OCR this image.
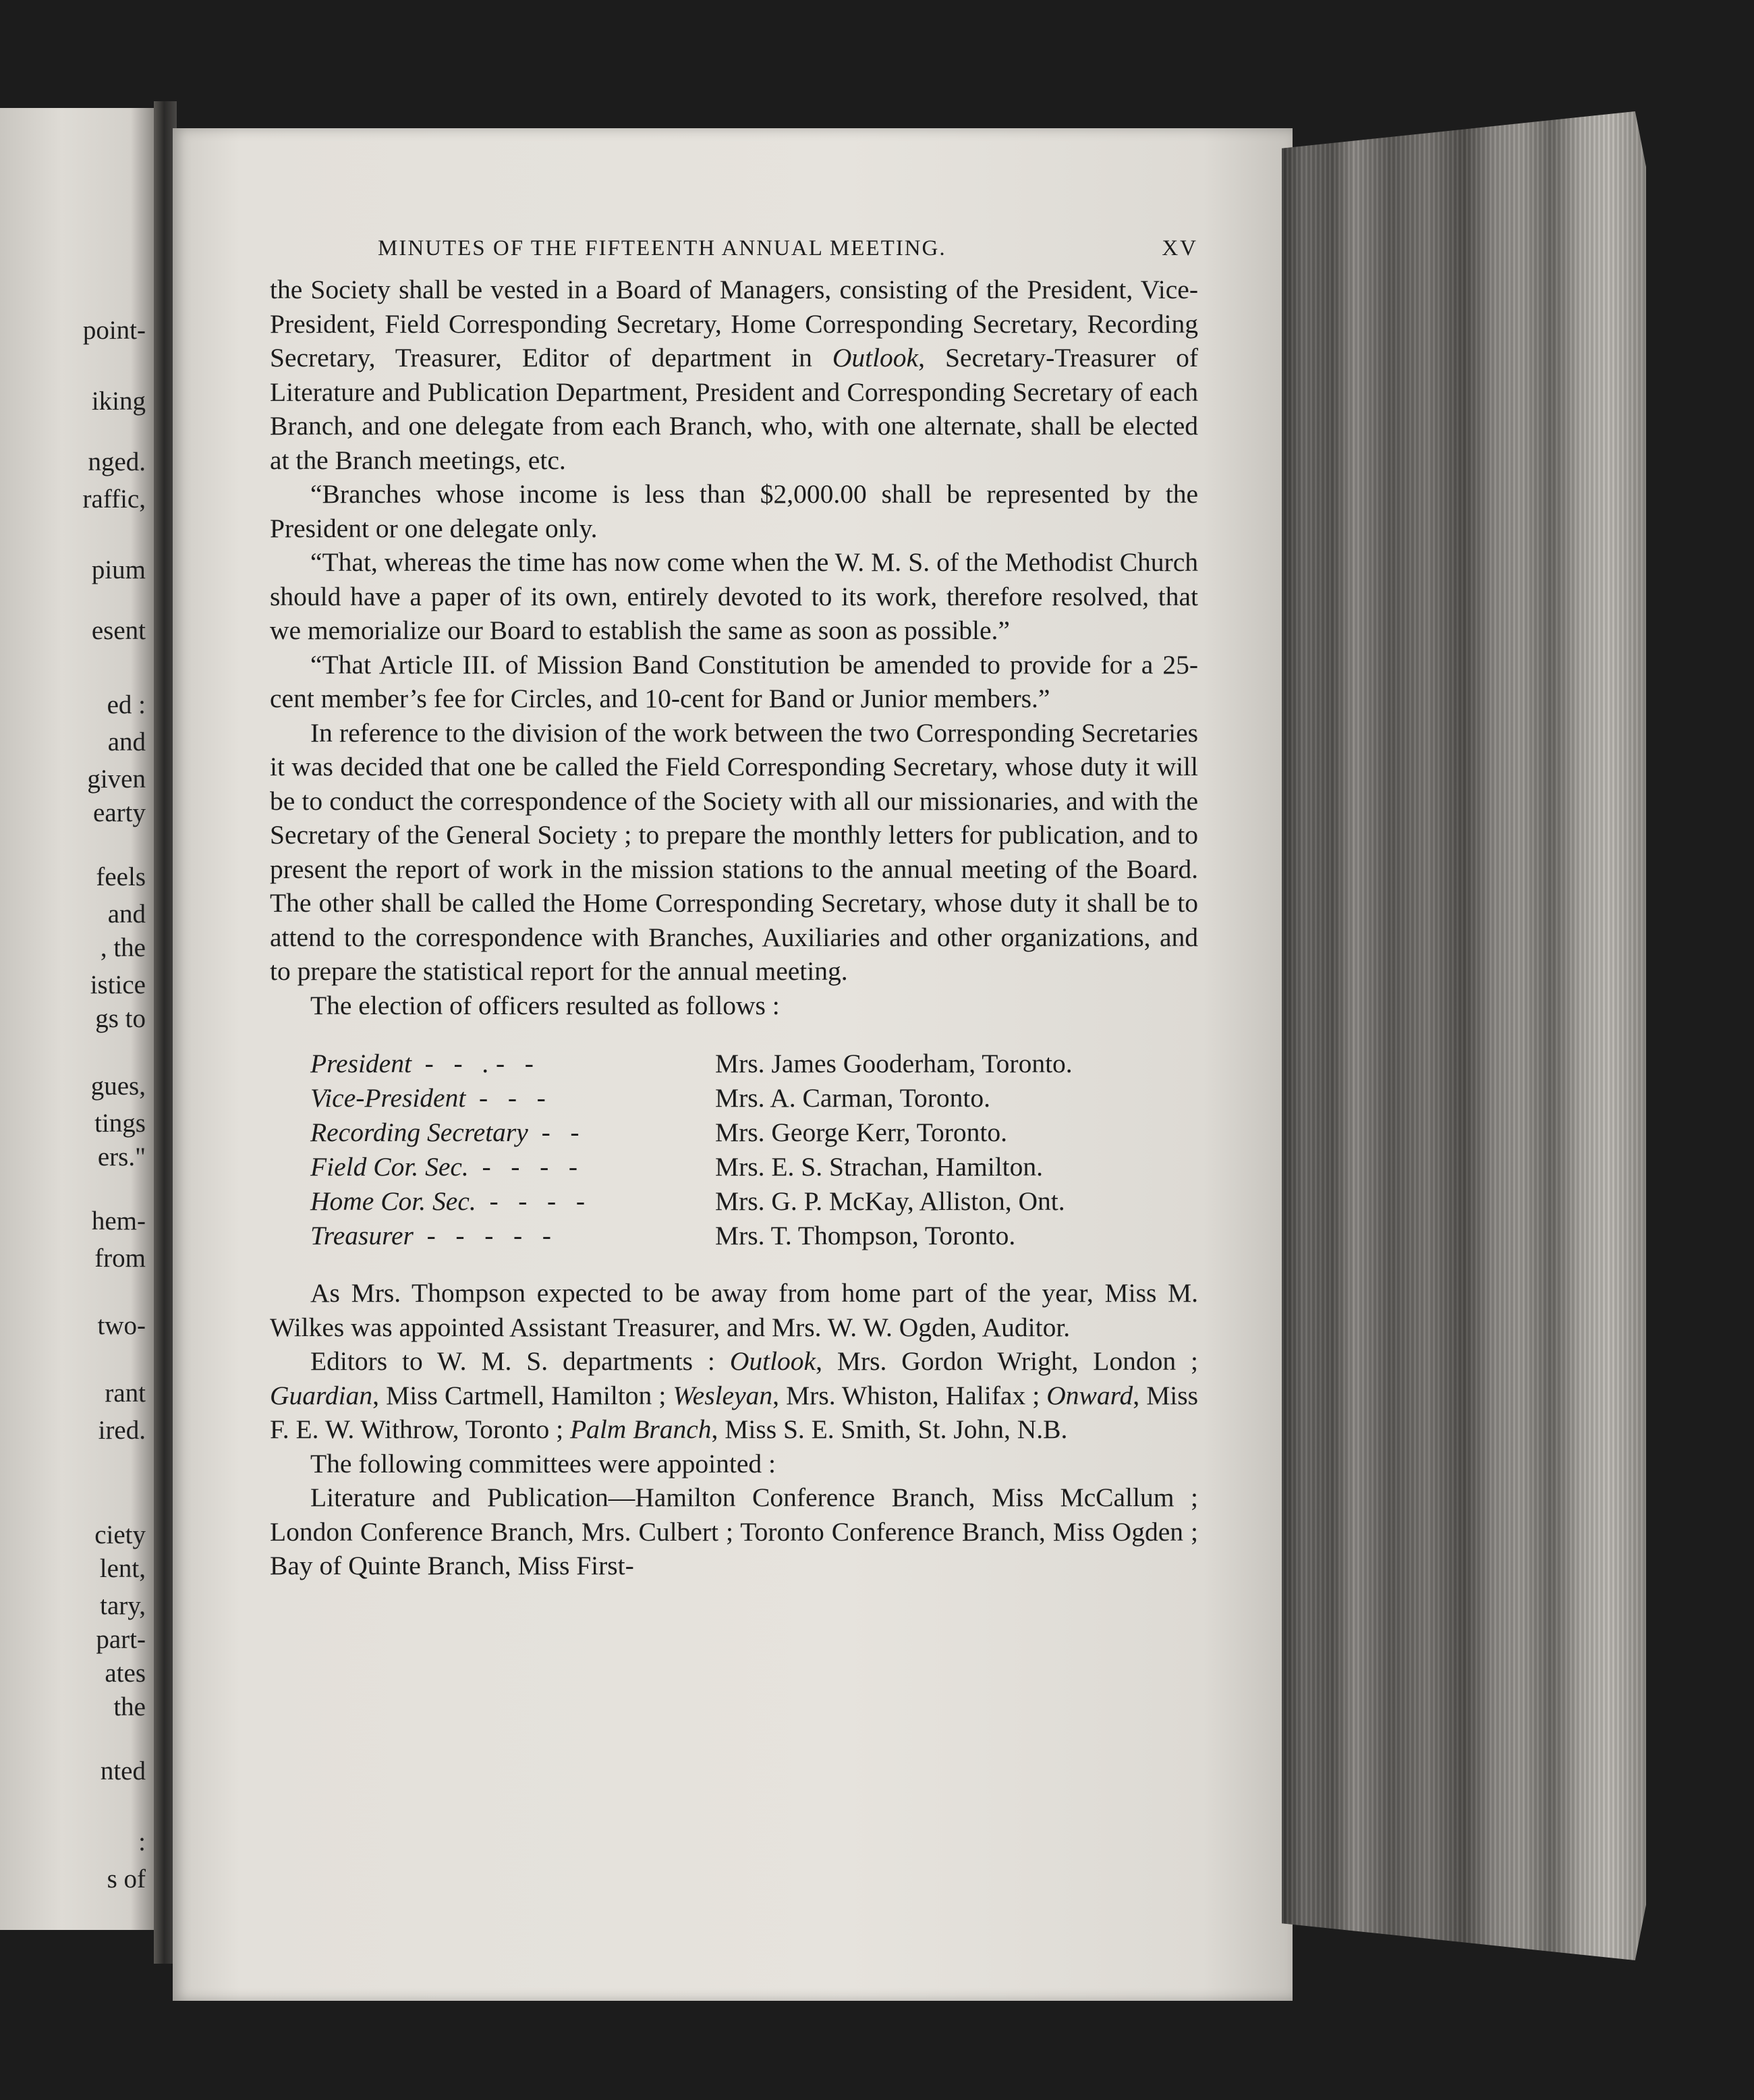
point-
iking
nged.
raffic,
pium
esent
ed :
and
given
earty
feels
and
, the
istice
gs to
gues,
tings
ers."
hem-
from
two-
rant
ired.
ciety
lent,
tary,
part-
ates
the
nted
:
s of
MINUTES OF THE FIFTEENTH ANNUAL MEETING.	XV

the Society shall be vested in a Board of Managers, consisting of the President, Vice-President, Field Corresponding Secretary, Home Corresponding Secretary, Recording Secretary, Treasurer, Editor of department in Outlook, Secretary-Treasurer of Literature and Publication Department, President and Corresponding Secretary of each Branch, and one delegate from each Branch, who, with one alternate, shall be elected at the Branch meetings, etc.

“Branches whose income is less than $2,000.00 shall be represented by the President or one delegate only.

“That, whereas the time has now come when the W. M. S. of the Methodist Church should have a paper of its own, entirely devoted to its work, therefore resolved, that we memorialize our Board to establish the same as soon as possible.”

“That Article III. of Mission Band Constitution be amended to provide for a 25-cent member’s fee for Circles, and 10-cent for Band or Junior members.”

In reference to the division of the work between the two Corresponding Secretaries it was decided that one be called the Field Corresponding Secretary, whose duty it will be to conduct the correspondence of the Society with all our missionaries, and with the Secretary of the General Society ; to prepare the monthly letters for publication, and to present the report of work in the mission stations to the annual meeting of the Board. The other shall be called the Home Corresponding Secretary, whose duty it shall be to attend to the correspondence with Branches, Auxiliaries and other organizations, and to prepare the statistical report for the annual meeting.

The election of officers resulted as follows :

President  -   -   . -   -	Mrs. James Gooderham, Toronto.
Vice-President  -   -   -	Mrs. A. Carman, Toronto.
Recording Secretary  -   -	Mrs. George Kerr, Toronto.
Field Cor. Sec.  -   -   -   -	Mrs. E. S. Strachan, Hamilton.
Home Cor. Sec.  -   -   -   -	Mrs. G. P. McKay, Alliston, Ont.
Treasurer  -   -   -   -   -	Mrs. T. Thompson, Toronto.

As Mrs. Thompson expected to be away from home part of the year, Miss M. Wilkes was appointed Assistant Treasurer, and Mrs. W. W. Ogden, Auditor.

Editors to W. M. S. departments : Outlook, Mrs. Gordon Wright, London ; Guardian, Miss Cartmell, Hamilton ; Wesleyan, Mrs. Whiston, Halifax ; Onward, Miss F. E. W. Withrow, Toronto ; Palm Branch, Miss S. E. Smith, St. John, N.B.

The following committees were appointed :

Literature and Publication—Hamilton Conference Branch, Miss McCallum ; London Conference Branch, Mrs. Culbert ; Toronto Conference Branch, Miss Ogden ; Bay of Quinte Branch, Miss First-
